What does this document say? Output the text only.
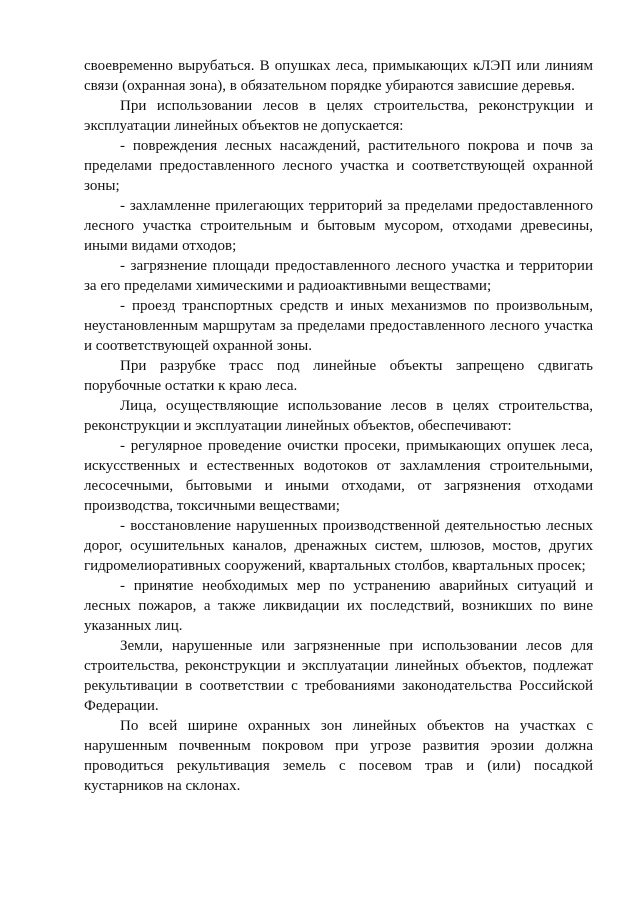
своевременно вырубаться. В опушках леса, примыкающих кЛЭП или линиям связи (охранная зона), в обязательном порядке убираются зависшие деревья.

При использовании лесов в целях строительства, реконструкции и эксплуатации линейных объектов не допускается:

- повреждения лесных насаждений, растительного покрова и почв за пределами предоставленного лесного участка и соответствующей охранной зоны;

- захламленне прилегающих территорий за пределами предоставленного лесного участка строительным и бытовым мусором, отходами древесины, иными видами отходов;

- загрязнение площади предоставленного лесного участка и территории за его пределами химическими и радиоактивными веществами;

- проезд транспортных средств и иных механизмов по произвольным, неустановленным маршрутам за пределами предоставленного лесного участка и соответствующей охранной зоны.

При разрубке трасс под линейные объекты запрещено сдвигать порубочные остатки к краю леса.

Лица, осуществляющие использование лесов в целях строительства, реконструкции и эксплуатации линейных объектов, обеспечивают:

- регулярное проведение очистки просеки, примыкающих опушек леса, искусственных и естественных водотоков от захламления строительными, лесосечными, бытовыми и иными отходами, от загрязнения отходами производства, токсичными веществами;

- восстановление нарушенных производственной деятельностью лесных дорог, осушительных каналов, дренажных систем, шлюзов, мостов, других гидромелиоративных сооружений, квартальных столбов, квартальных просек;

- принятие необходимых мер по устранению аварийных ситуаций и лесных пожаров, а также ликвидации их последствий, возникших по вине указанных лиц.

Земли, нарушенные или загрязненные при использовании лесов для строительства, реконструкции и эксплуатации линейных объектов, подлежат рекультивации в соответствии с требованиями законодательства Российской Федерации.

По всей ширине охранных зон линейных объектов на участках с нарушенным почвенным покровом при угрозе развития эрозии должна проводиться рекультивация земель с посевом трав и (или) посадкой кустарников на склонах.
